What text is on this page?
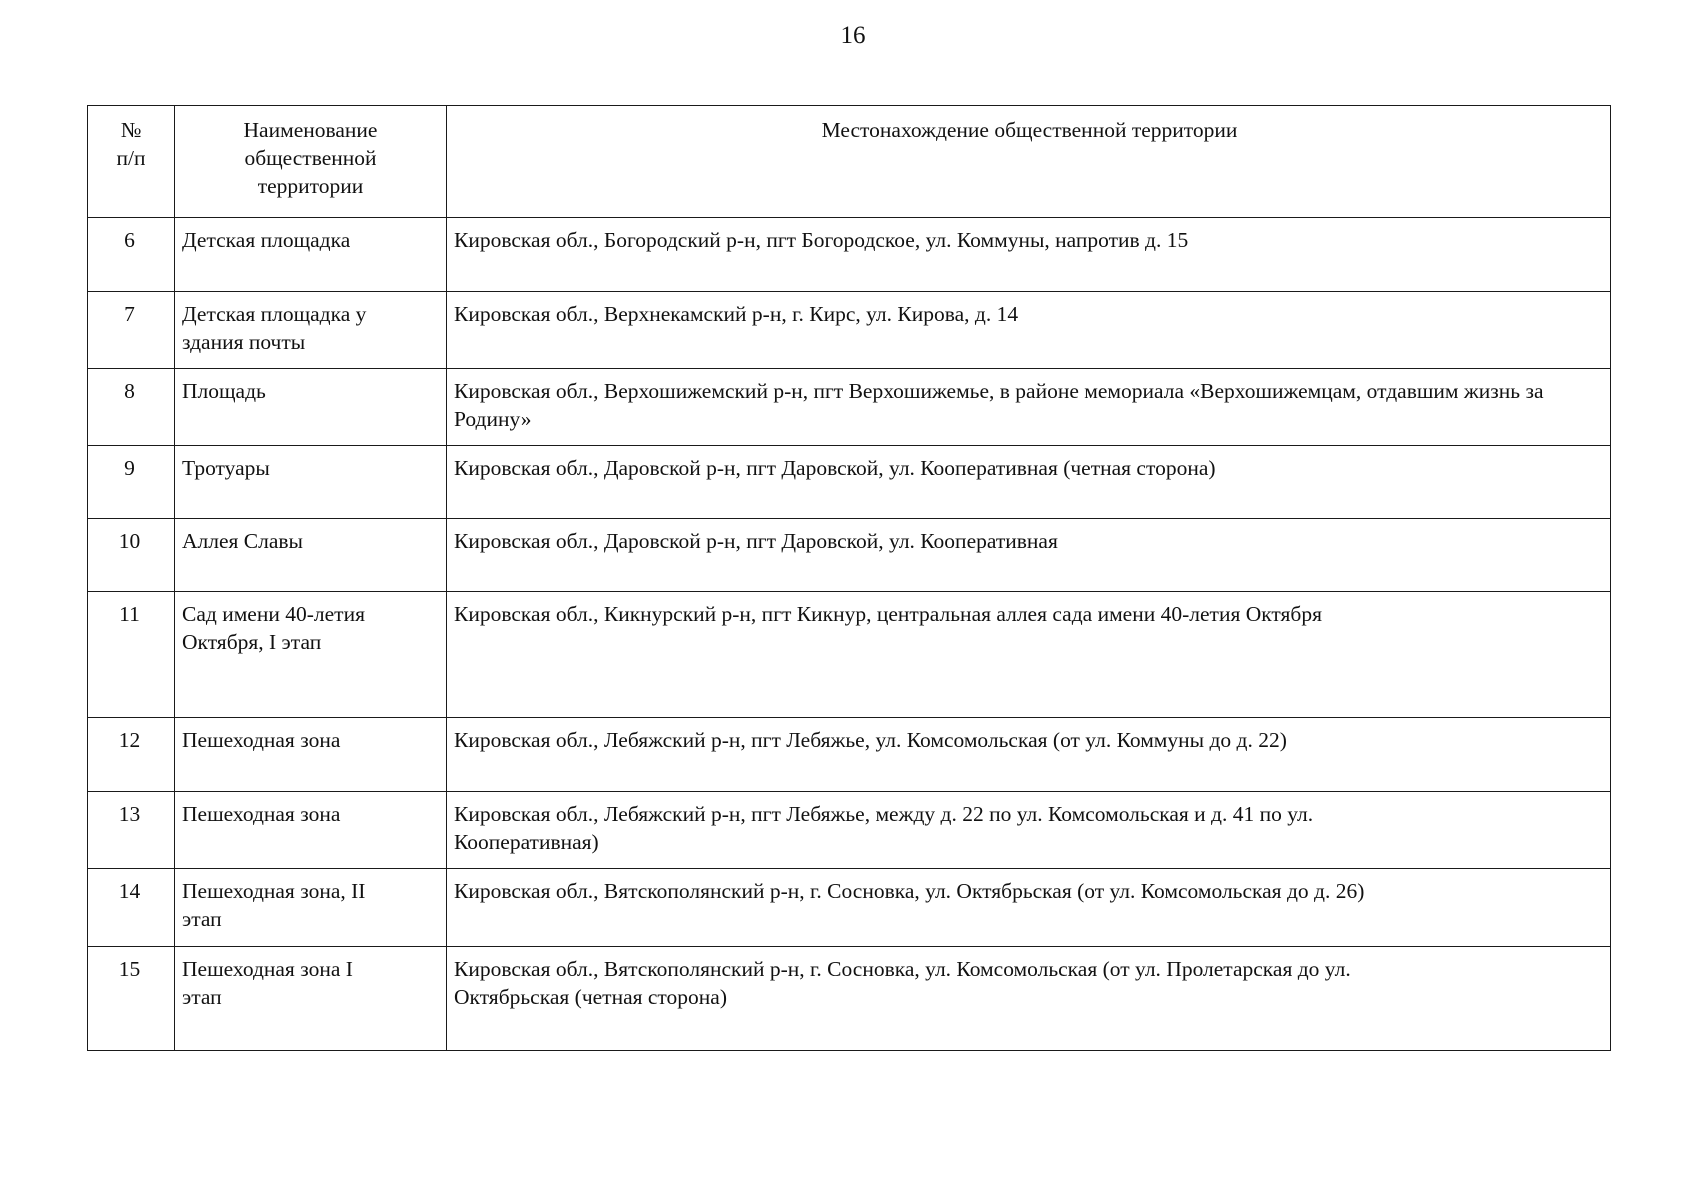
16
№ п/п	Наименование общественной территории	Местонахождение общественной территории
6	Детская площадка	Кировская обл., Богородский р-н, пгт Богородское, ул. Коммуны, напротив д. 15
7	Детская площадка у здания почты	Кировская обл., Верхнекамский р-н, г. Кирс, ул. Кирова, д. 14
8	Площадь	Кировская обл., Верхошижемский р-н, пгт Верхошижемье, в районе мемориала «Верхошижемцам, отдавшим жизнь за Родину»
9	Тротуары	Кировская обл., Даровской р-н, пгт Даровской, ул. Кооперативная (четная сторона)
10	Аллея Славы	Кировская обл., Даровской р-н, пгт Даровской, ул. Кооперативная
11	Сад имени 40-летия Октября, I этап	Кировская обл., Кикнурский р-н, пгт Кикнур, центральная аллея сада имени 40-летия Октября
12	Пешеходная зона	Кировская обл., Лебяжский р-н, пгт Лебяжье, ул. Комсомольская (от ул. Коммуны до д. 22)
13	Пешеходная зона	Кировская обл., Лебяжский р-н, пгт Лебяжье, между д. 22 по ул. Комсомольская и д. 41 по ул. Кооперативная)
14	Пешеходная зона, II этап	Кировская обл., Вятскополянский р-н, г. Сосновка, ул. Октябрьская (от ул. Комсомольская до д. 26)
15	Пешеходная зона I этап	Кировская обл., Вятскополянский р-н, г. Сосновка, ул. Комсомольская (от ул. Пролетарская до ул. Октябрьская (четная сторона)
